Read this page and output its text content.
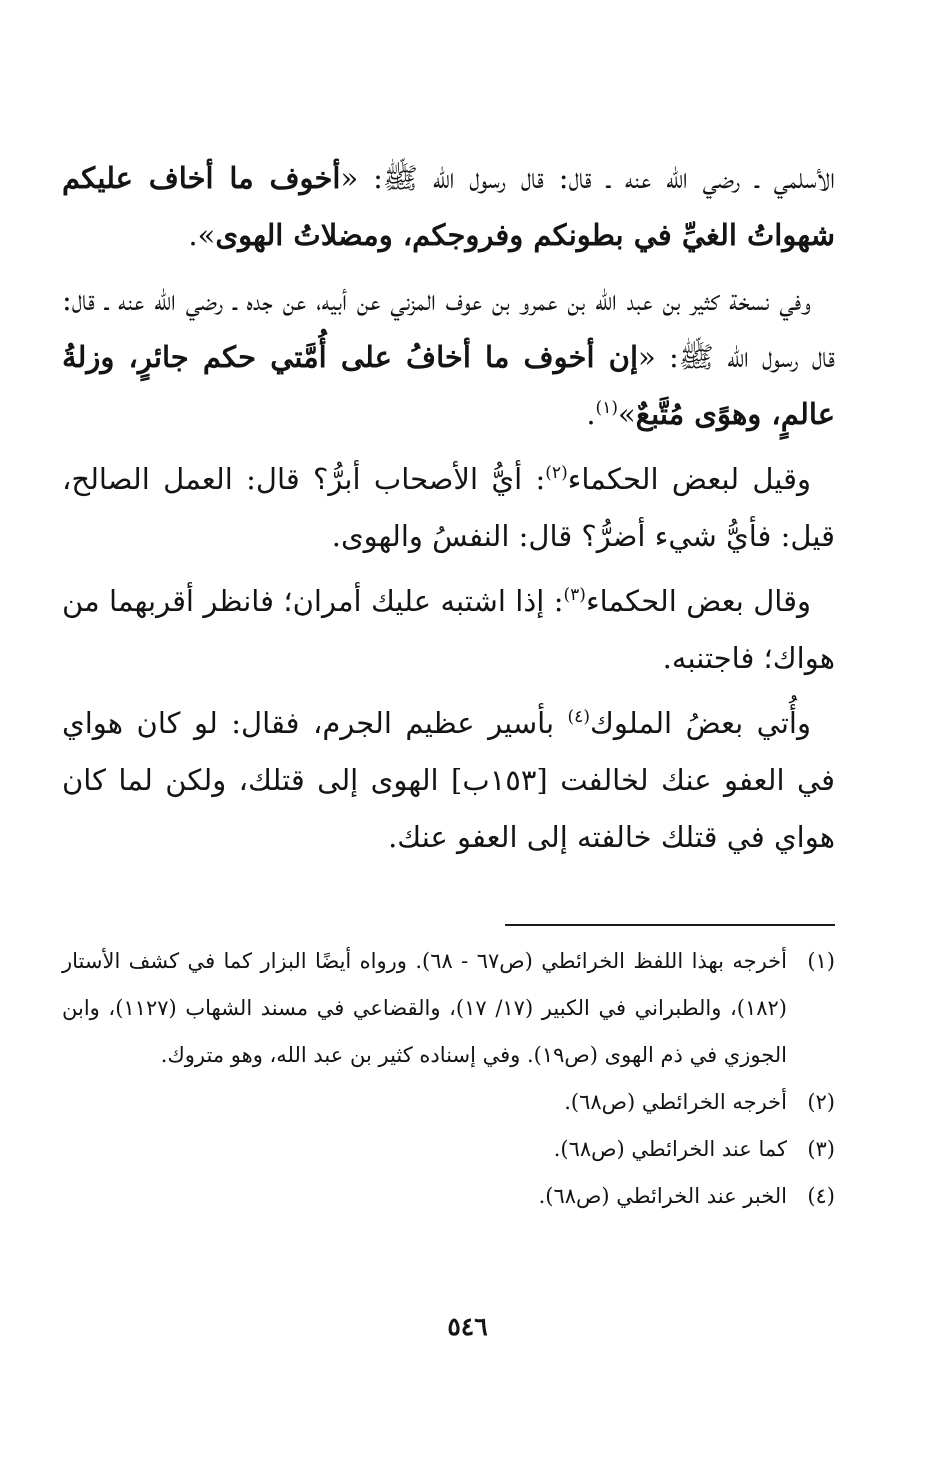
الأسلمي ـ رضي الله عنه ـ قال: قال رسول الله ﷺ: «أخوف ما أخاف عليكم شهواتُ الغيِّ في بطونكم وفروجكم، ومضلاتُ الهوى».

وفي نسخة كثير بن عبد الله بن عمرو بن عوف المزني عن أبيه، عن جده ـ رضي الله عنه ـ قال: قال رسول الله ﷺ: «إن أخوف ما أخافُ على أُمَّتي حكم جائرٍ، وزلةُ عالمٍ، وهوًى مُتَّبعٌ»$^{(١)}$.

وقيل لبعض الحكماء$^{(٢)}$: أيُّ الأصحاب أبرُّ؟ قال: العمل الصالح، قيل: فأيُّ شيء أضرُّ؟ قال: النفسُ والهوى.

وقال بعض الحكماء$^{(٣)}$: إذا اشتبه عليك أمران؛ فانظر أقربهما من هواك؛ فاجتنبه.

وأُتي بعضُ الملوك$^{(٤)}$ بأسير عظيم الجرم، فقال: لو كان هواي في العفو عنك لخالفت [١٥٣ب] الهوى إلى قتلك، ولكن لما كان هواي في قتلك خالفته إلى العفو عنك.

(١)
أخرجه بهذا اللفظ الخرائطي (ص٦٧ - ٦٨). ورواه أيضًا البزار كما في كشف الأستار (١٨٢)، والطبراني في الكبير (١٧/ ١٧)، والقضاعي في مسند الشهاب (١١٢٧)، وابن الجوزي في ذم الهوى (ص١٩). وفي إسناده كثير بن عبد الله، وهو متروك.
(٢)
أخرجه الخرائطي (ص٦٨).
(٣)
كما عند الخرائطي (ص٦٨).
(٤)
الخبر عند الخرائطي (ص٦٨).
٥٤٦
